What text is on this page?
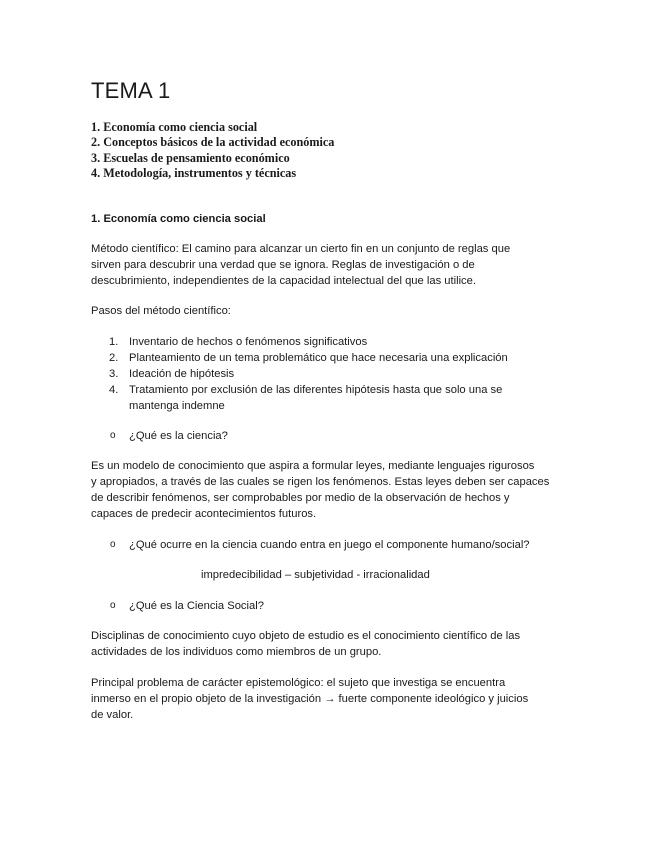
TEMA 1
1. Economía como ciencia social
2. Conceptos básicos de la actividad económica
3. Escuelas de pensamiento económico
4. Metodología, instrumentos y técnicas
1. Economía como ciencia social
Método científico: El camino para alcanzar un cierto fin en un conjunto de reglas que
sirven para descubrir una verdad que se ignora. Reglas de investigación o de
descubrimiento, independientes de la capacidad intelectual del que las utilice.
Pasos del método científico:
1. Inventario de hechos o fenómenos significativos
2. Planteamiento de un tema problemático que hace necesaria una explicación
3. Ideación de hipótesis
4. Tratamiento por exclusión de las diferentes hipótesis hasta que solo una se mantenga indemne
o ¿Qué es la ciencia?
Es un modelo de conocimiento que aspira a formular leyes, mediante lenguajes rigurosos
y apropiados, a través de las cuales se rigen los fenómenos. Estas leyes deben ser capaces
de describir fenómenos, ser comprobables por medio de la observación de hechos y
capaces de predecir acontecimientos futuros.
o ¿Qué ocurre en la ciencia cuando entra en juego el componente humano/social?
impredecibilidad – subjetividad - irracionalidad
o ¿Qué es la Ciencia Social?
Disciplinas de conocimiento cuyo objeto de estudio es el conocimiento científico de las
actividades de los individuos como miembros de un grupo.
Principal problema de carácter epistemológico: el sujeto que investiga se encuentra
inmerso en el propio objeto de la investigación → fuerte componente ideológico y juicios
de valor.
